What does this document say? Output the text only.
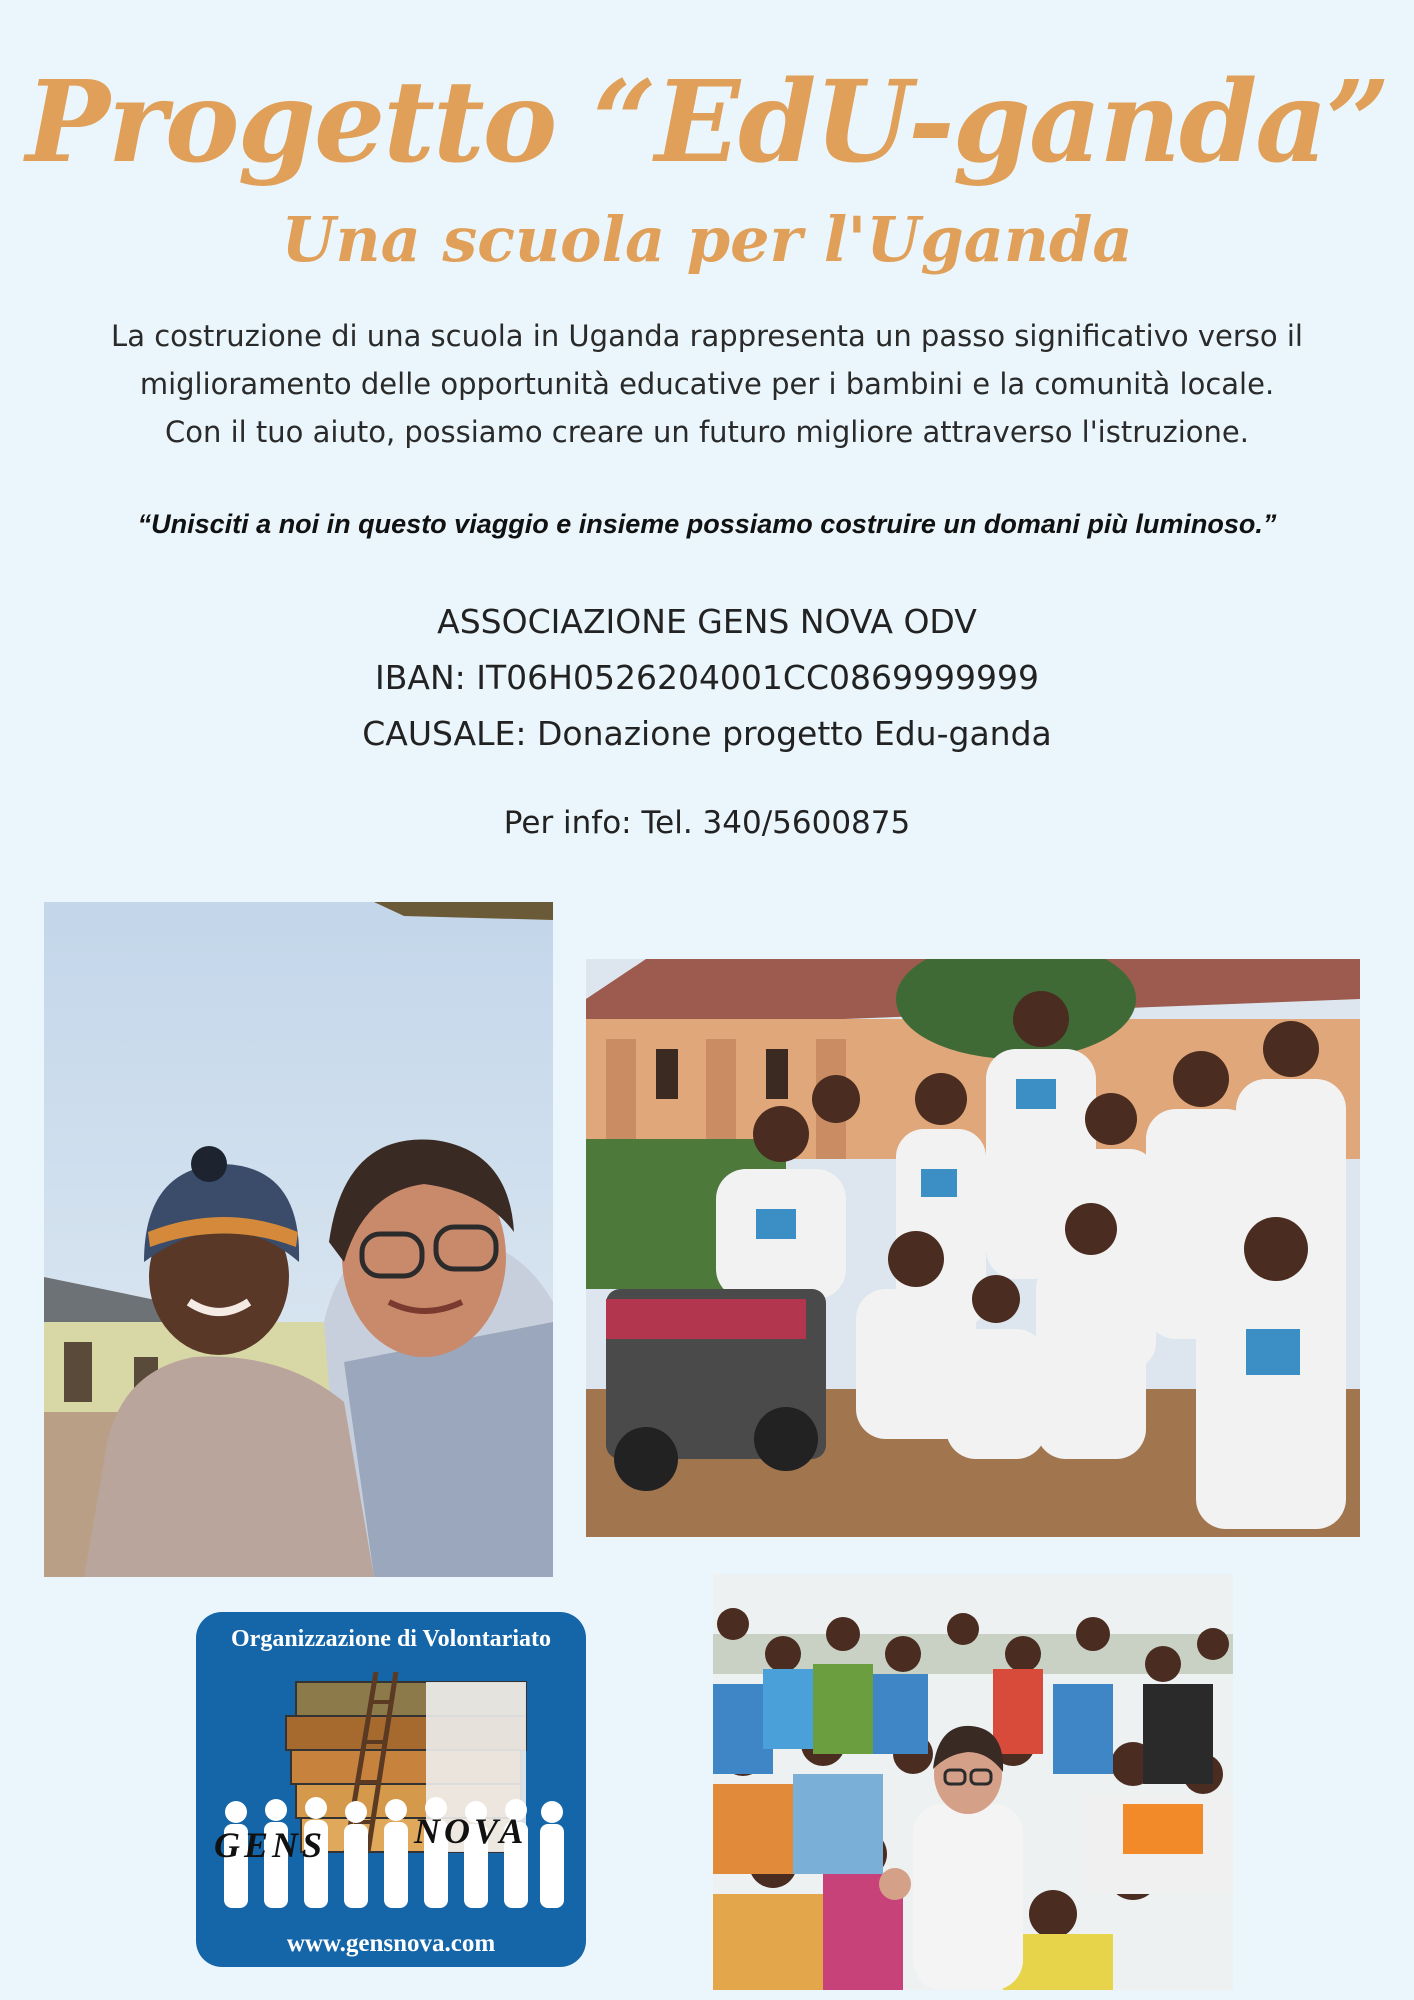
Progetto “EdU-ganda”
Una scuola per l'Uganda
La costruzione di una scuola in Uganda rappresenta un passo significativo verso il
miglioramento delle opportunità educative per i bambini e la comunità locale.
Con il tuo aiuto, possiamo creare un futuro migliore attraverso l'istruzione.
“Unisciti a noi in questo viaggio e insieme possiamo costruire un domani più luminoso.”
ASSOCIAZIONE GENS NOVA ODV
IBAN: IT06H0526204001CC0869999999
CAUSALE: Donazione progetto Edu-ganda
Per info: Tel. 340/5600875
Organizzazione di Volontariato
GENS NOVA
www.gensnova.com
